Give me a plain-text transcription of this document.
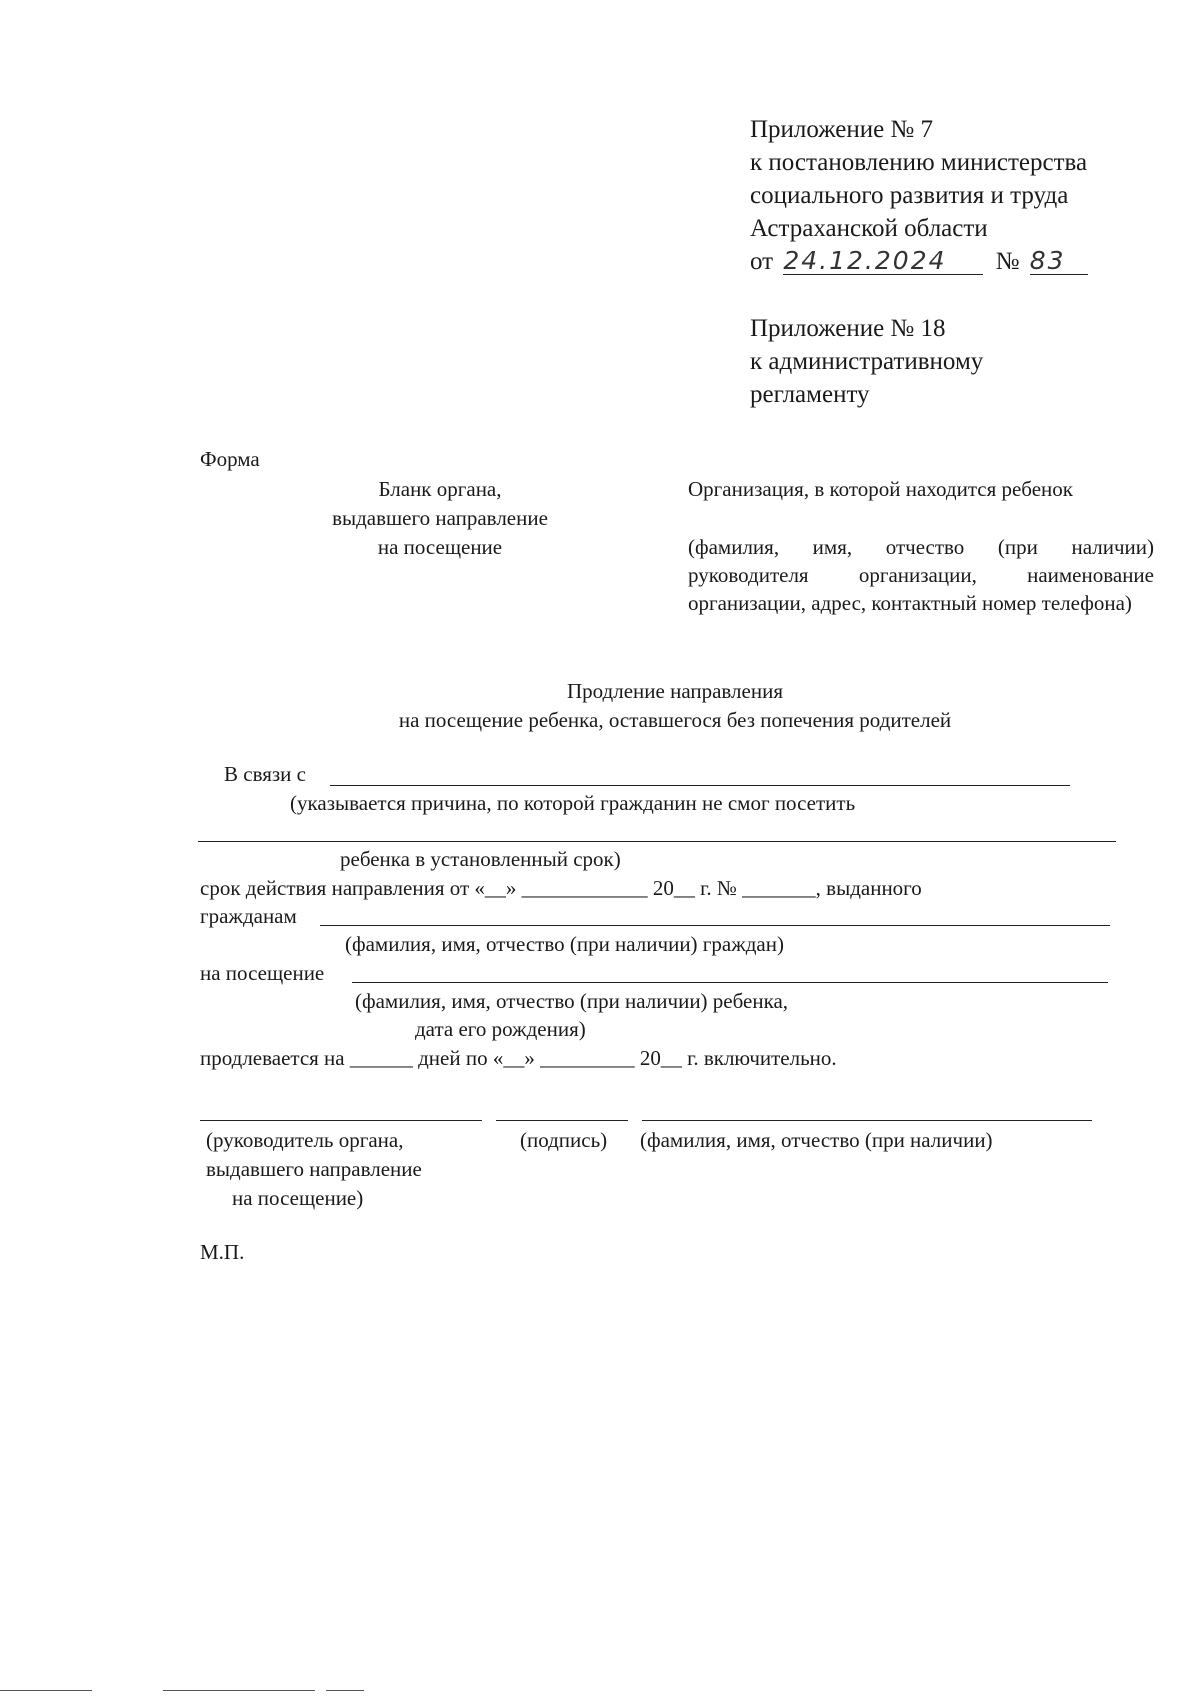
Приложение № 7
к постановлению министерства
социального развития и труда
Астраханской области
от 24.12.2024 № 83
Приложение № 18
к административному
регламенту
Форма
Бланк органа,
выдавшего направление
на посещение
Организация, в которой находится ребенок
(фамилия, имя, отчество (при наличии) руководителя организации, наименование организации, адрес, контактный номер телефона)
Продление направления
на посещение ребенка, оставшегося без попечения родителей
В связи с
(указывается причина, по которой гражданин не смог посетить
ребенка в установленный срок)
срок действия направления от «__» ____________ 20__ г. № _______, выданного
гражданам
(фамилия, имя, отчество (при наличии) граждан)
на посещение
(фамилия, имя, отчество (при наличии) ребенка,
дата его рождения)
продлевается на ______ дней по «__» _________ 20__ г. включительно.
(руководитель органа,
выдавшего направление
на посещение)
(подпись) (фамилия, имя, отчество (при наличии)
М.П.
